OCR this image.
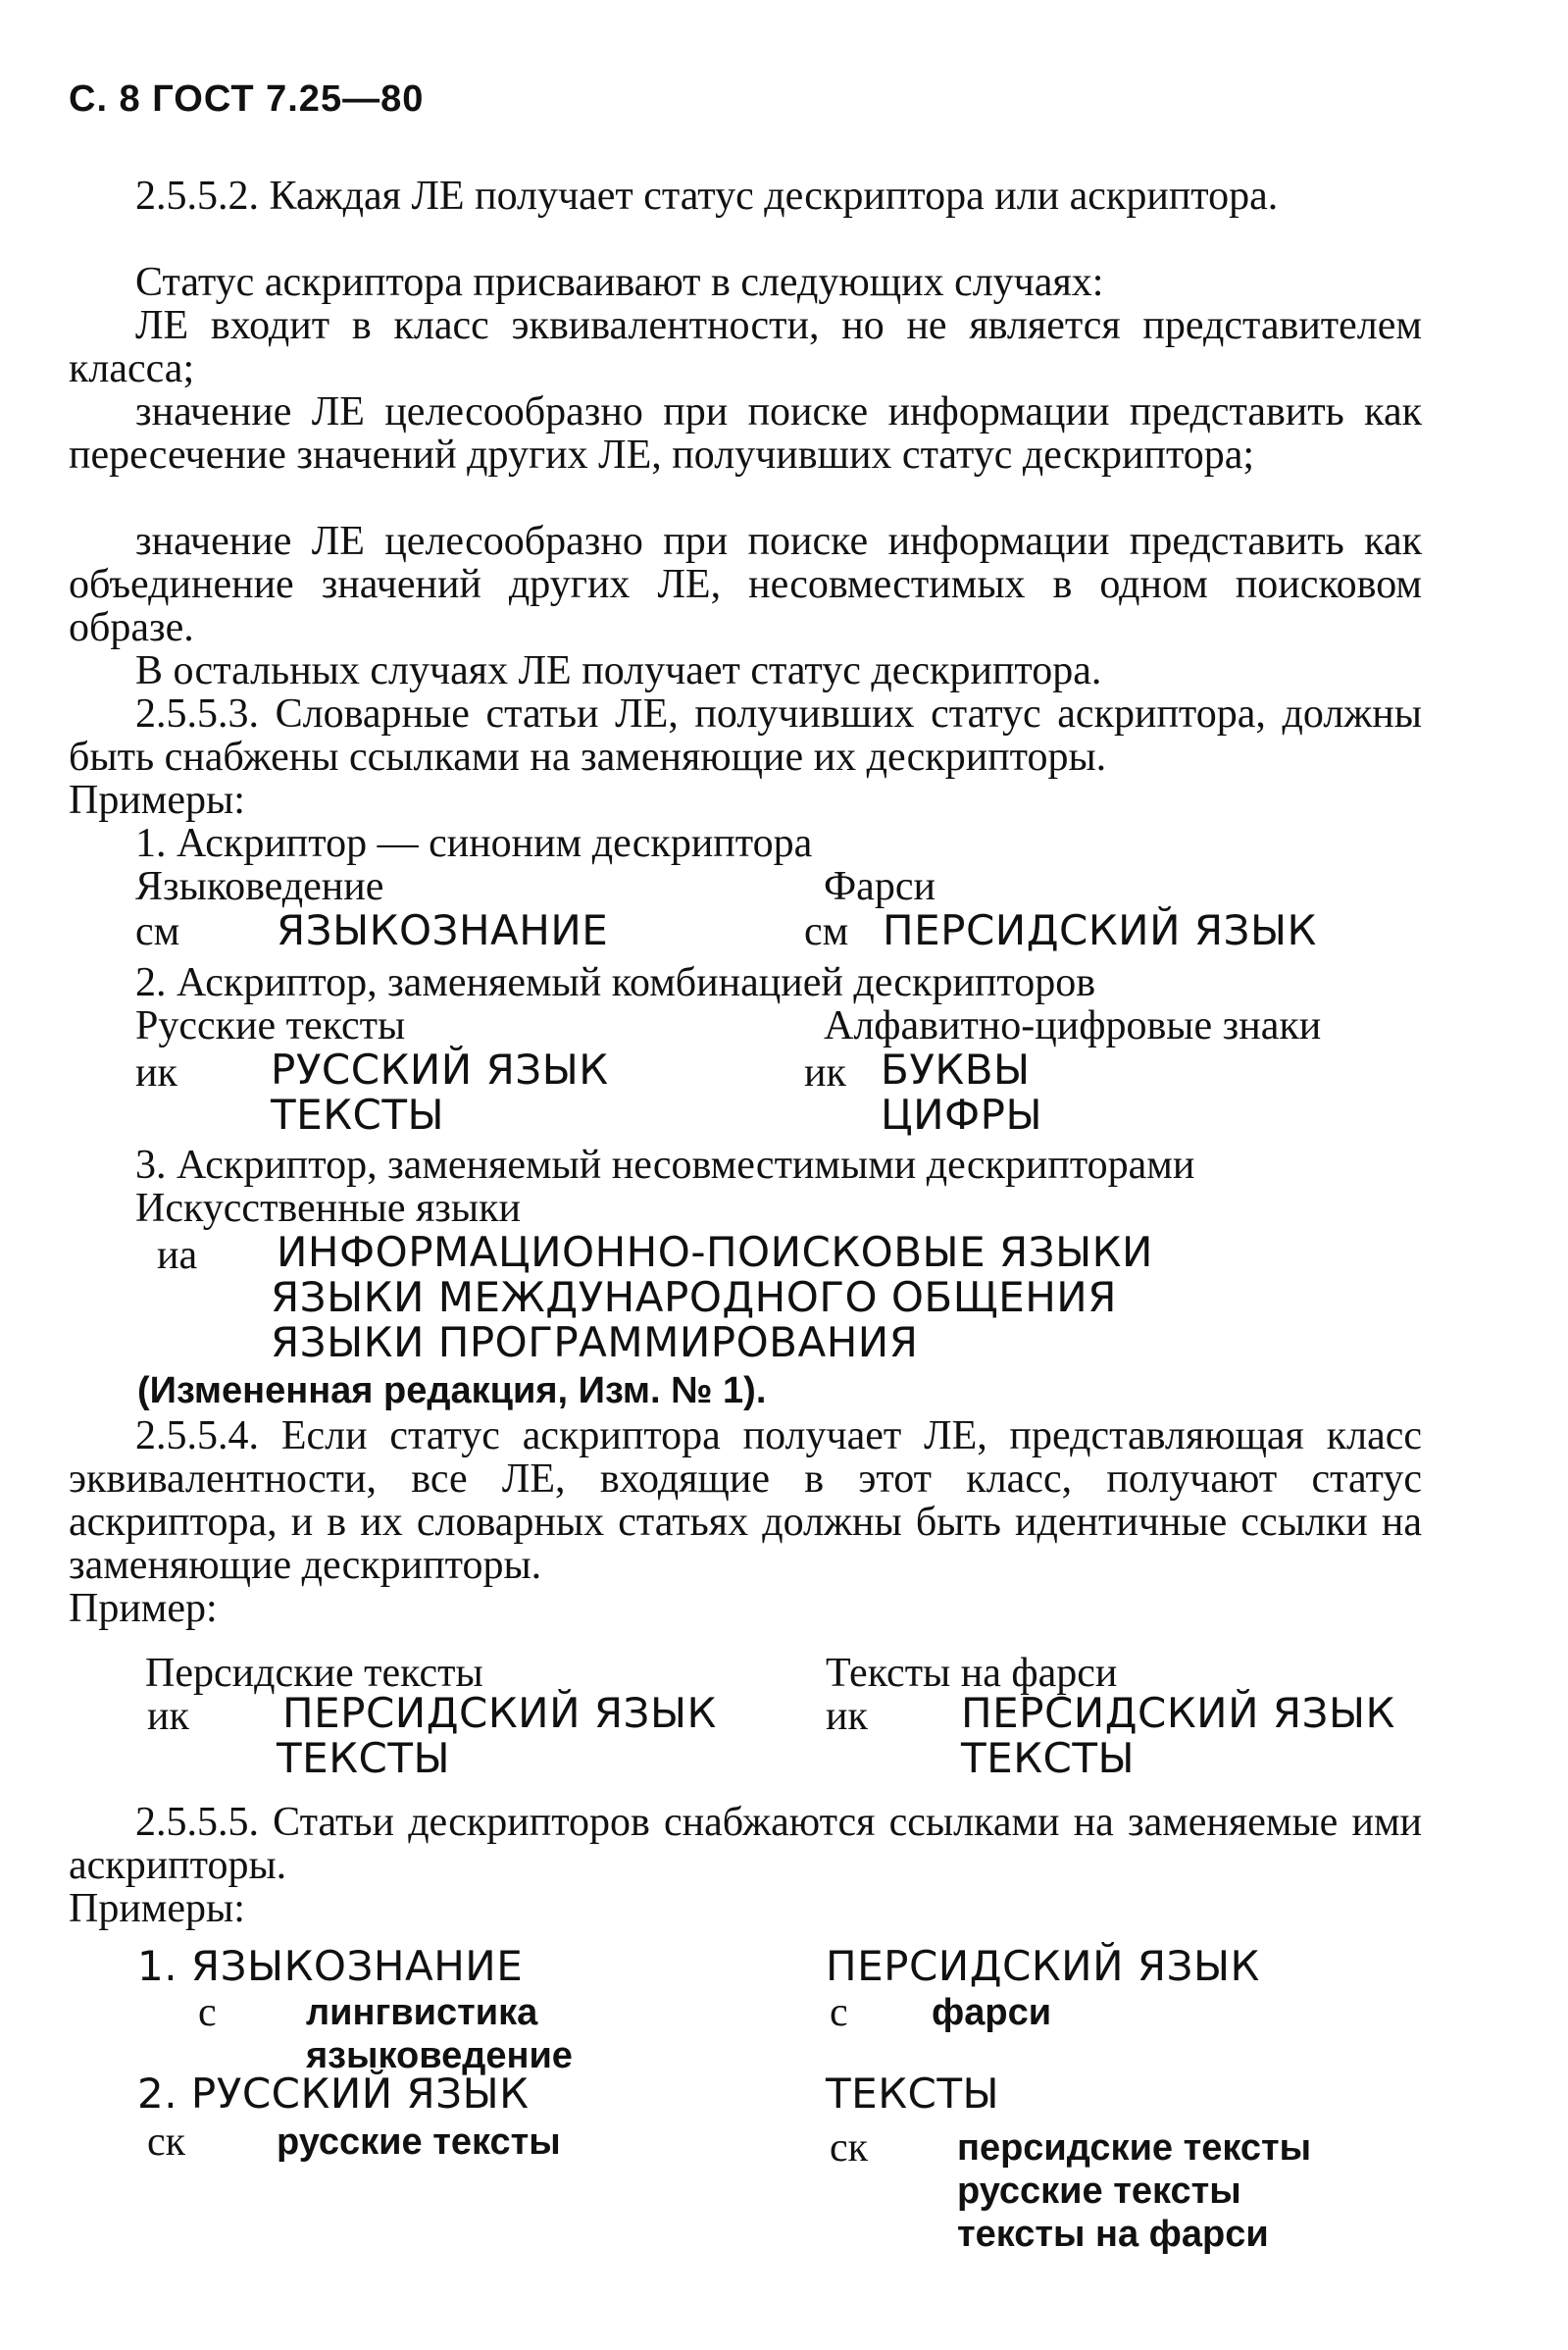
С. 8 ГОСТ 7.25—80

2.5.5.2. Каждая ЛЕ получает статус дескриптора или аскриптора.

Статус аскриптора присваивают в следующих случаях:

ЛЕ входит в класс эквивалентности, но не является представителем класса;

значение ЛЕ целесообразно при поиске информации представить как пересечение значений других ЛЕ, получивших статус дескриптора;

значение ЛЕ целесообразно при поиске информации представить как объединение значений других ЛЕ, несовместимых в одном поисковом образе.

В остальных случаях ЛЕ получает статус дескриптора.

2.5.5.3. Словарные статьи ЛЕ, получивших статус аскриптора, должны быть снабжены ссылками на заменяющие их дескрипторы.

Примеры:
1. Аскриптор — синоним дескриптора
Языковедение
см ЯЗЫКОЗНАНИЕ
Фарси
см ПЕРСИДСКИЙ ЯЗЫК
2. Аскриптор, заменяемый комбинацией дескрипторов
Русские тексты
ик РУССКИЙ ЯЗЫК
ТЕКСТЫ
Алфавитно-цифровые знаки
ик БУКВЫ
ЦИФРЫ
3. Аскриптор, заменяемый несовместимыми дескрипторами
Искусственные языки
иа ИНФОРМАЦИОННО-ПОИСКОВЫЕ ЯЗЫКИ
ЯЗЫКИ МЕЖДУНАРОДНОГО ОБЩЕНИЯ
ЯЗЫКИ ПРОГРАММИРОВАНИЯ
(Измененная редакция, Изм. № 1).

2.5.5.4. Если статус аскриптора получает ЛЕ, представляющая класс эквивалентности, все ЛЕ, входящие в этот класс, получают статус аскриптора, и в их словарных статьях должны быть идентичные ссылки на заменяющие дескрипторы.

Пример:
Персидские тексты
ик ПЕРСИДСКИЙ ЯЗЫК
ТЕКСТЫ
Тексты на фарси
ик ПЕРСИДСКИЙ ЯЗЫК
ТЕКСТЫ

2.5.5.5. Статьи дескрипторов снабжаются ссылками на заменяемые ими аскрипторы.

Примеры:
1. ЯЗЫКОЗНАНИЕ
с лингвистика
языковедение
2. РУССКИЙ ЯЗЫК
ск русские тексты
ПЕРСИДСКИЙ ЯЗЫК
с фарси
ТЕКСТЫ
ск персидские тексты
русские тексты
тексты на фарси
